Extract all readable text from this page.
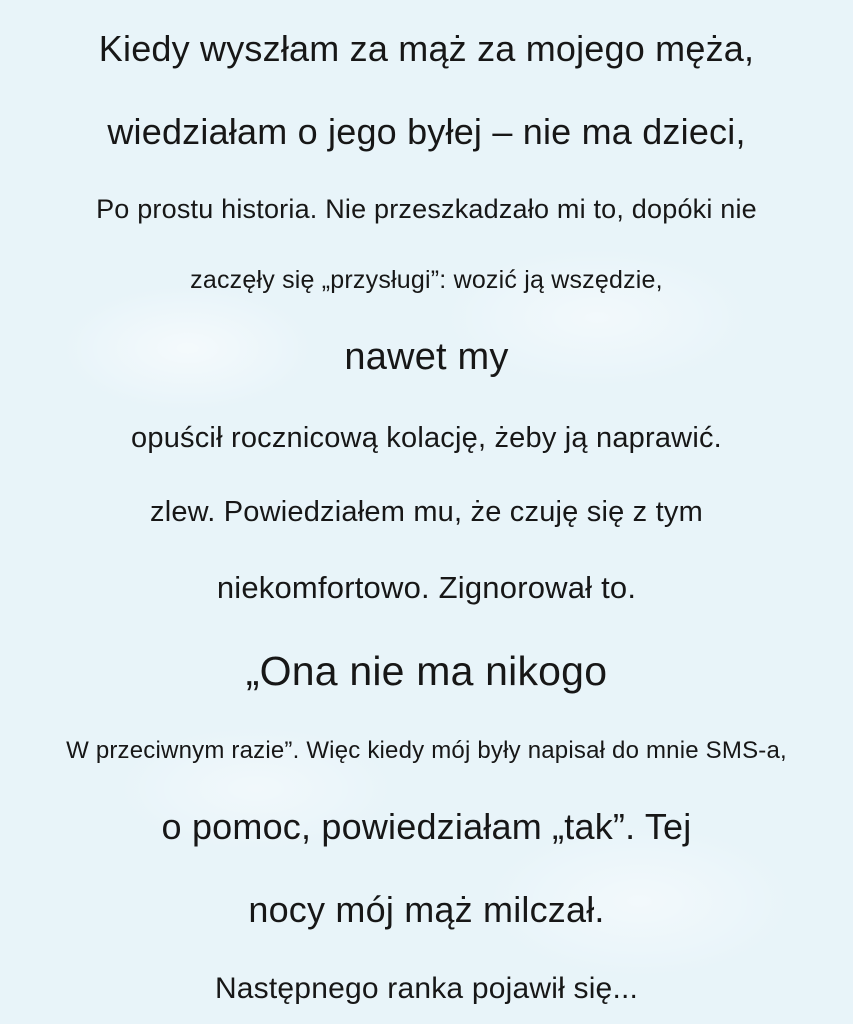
Kiedy wyszłam za mąż za mojego męża,
wiedziałam o jego byłej – nie ma dzieci,
Po prostu historia. Nie przeszkadzało mi to, dopóki nie
zaczęły się „przysługi”: wozić ją wszędzie,
nawet my
opuścił rocznicową kolację, żeby ją naprawić.
zlew. Powiedziałem mu, że czuję się z tym
niekomfortowo. Zignorował to.
„Ona nie ma nikogo
W przeciwnym razie”. Więc kiedy mój były napisał do mnie SMS-a,
o pomoc, powiedziałam „tak”. Tej
nocy mój mąż milczał.
Następnego ranka pojawił się...
